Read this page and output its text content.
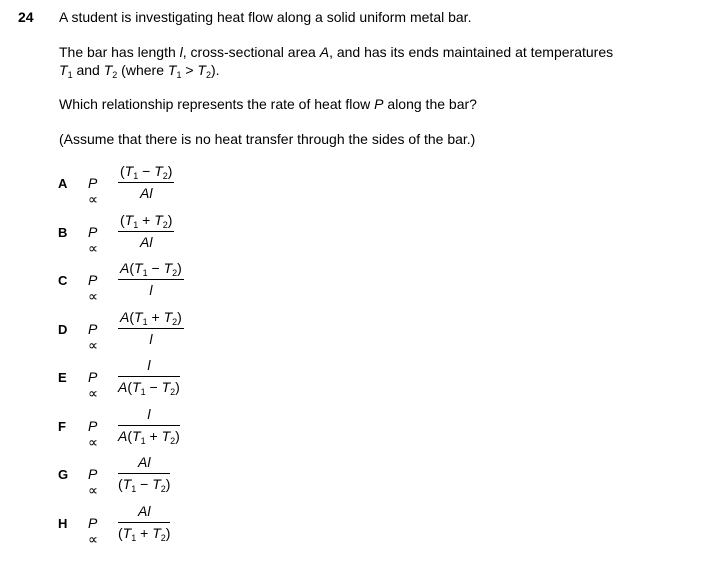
24 A student is investigating heat flow along a solid uniform metal bar.
The bar has length l, cross-sectional area A, and has its ends maintained at temperatures
$T_1$ and $T_2$ (where $T_1 > T_2$).
Which relationship represents the rate of heat flow P along the bar?
(Assume that there is no heat transfer through the sides of the bar.)
A $P \propto \frac{(T_1 - T_2)}{Al}$
B $P \propto \frac{(T_1 + T_2)}{Al}$
C $P \propto \frac{A(T_1 - T_2)}{l}$
D $P \propto \frac{A(T_1 + T_2)}{l}$
E $P \propto \frac{l}{A(T_1 - T_2)}$
F $P \propto \frac{l}{A(T_1 + T_2)}$
G $P \propto \frac{Al}{(T_1 - T_2)}$
H $P \propto \frac{Al}{(T_1 + T_2)}$
